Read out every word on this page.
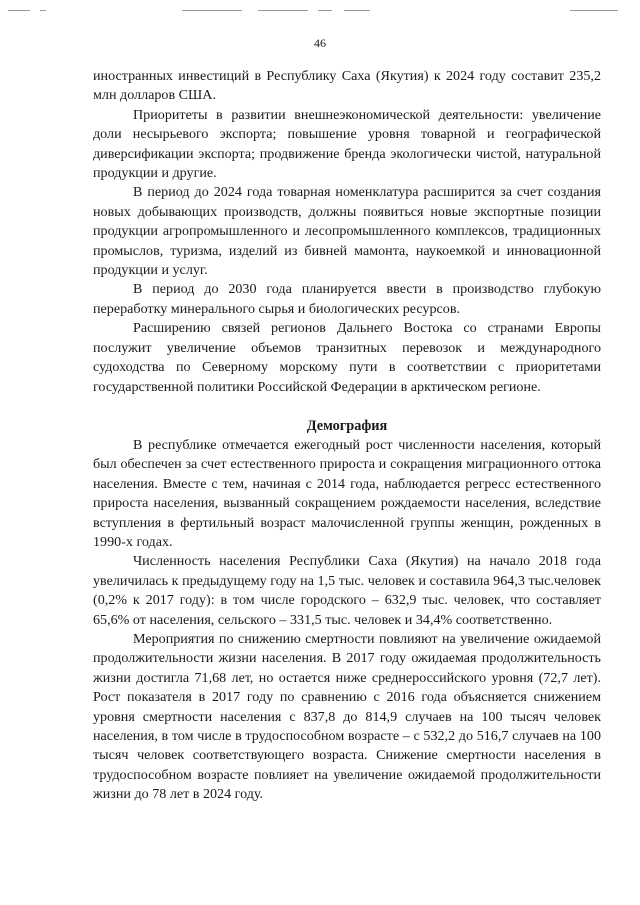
46

иностранных инвестиций в Республику Саха (Якутия) к 2024 году составит 235,2 млн долларов США.

Приоритеты в развитии внешнеэкономической деятельности: увеличение доли несырьевого экспорта; повышение уровня товарной и географической диверсификации экспорта; продвижение бренда экологически чистой, натуральной продукции и другие.

В период до 2024 года товарная номенклатура расширится за счет создания новых добывающих производств, должны появиться новые экспортные позиции продукции агропромышленного и лесопромышленного комплексов, традиционных промыслов, туризма, изделий из бивней мамонта, наукоемкой и инновационной продукции и услуг.

В период до 2030 года планируется ввести в производство глубокую переработку минерального сырья и биологических ресурсов.

Расширению связей регионов Дальнего Востока со странами Европы послужит увеличение объемов транзитных перевозок и международного судоходства по Северному морскому пути в соответствии с приоритетами государственной политики Российской Федерации в арктическом регионе.

Демография

В республике отмечается ежегодный рост численности населения, который был обеспечен за счет естественного прироста и сокращения миграционного оттока населения. Вместе с тем, начиная с 2014 года, наблюдается регресс естественного прироста населения, вызванный сокращением рождаемости населения, вследствие вступления в фертильный возраст малочисленной группы женщин, рожденных в 1990-х годах.

Численность населения Республики Саха (Якутия) на начало 2018 года увеличилась к предыдущему году на 1,5 тыс. человек и составила 964,3 тыс.человек (0,2% к 2017 году): в том числе городского – 632,9 тыс. человек, что составляет 65,6% от населения, сельского – 331,5 тыс. человек и 34,4% соответственно.

Мероприятия по снижению смертности повлияют на увеличение ожидаемой продолжительности жизни населения. В 2017 году ожидаемая продолжительность жизни достигла 71,68 лет, но остается ниже среднероссийского уровня (72,7 лет). Рост показателя в 2017 году по сравнению с 2016 года объясняется снижением уровня смертности населения с 837,8 до 814,9 случаев на 100 тысяч человек населения, в том числе в трудоспособном возрасте – с 532,2 до 516,7 случаев на 100 тысяч человек соответствующего возраста. Снижение смертности населения в трудоспособном возрасте повлияет на увеличение ожидаемой продолжительности жизни до 78 лет в 2024 году.
